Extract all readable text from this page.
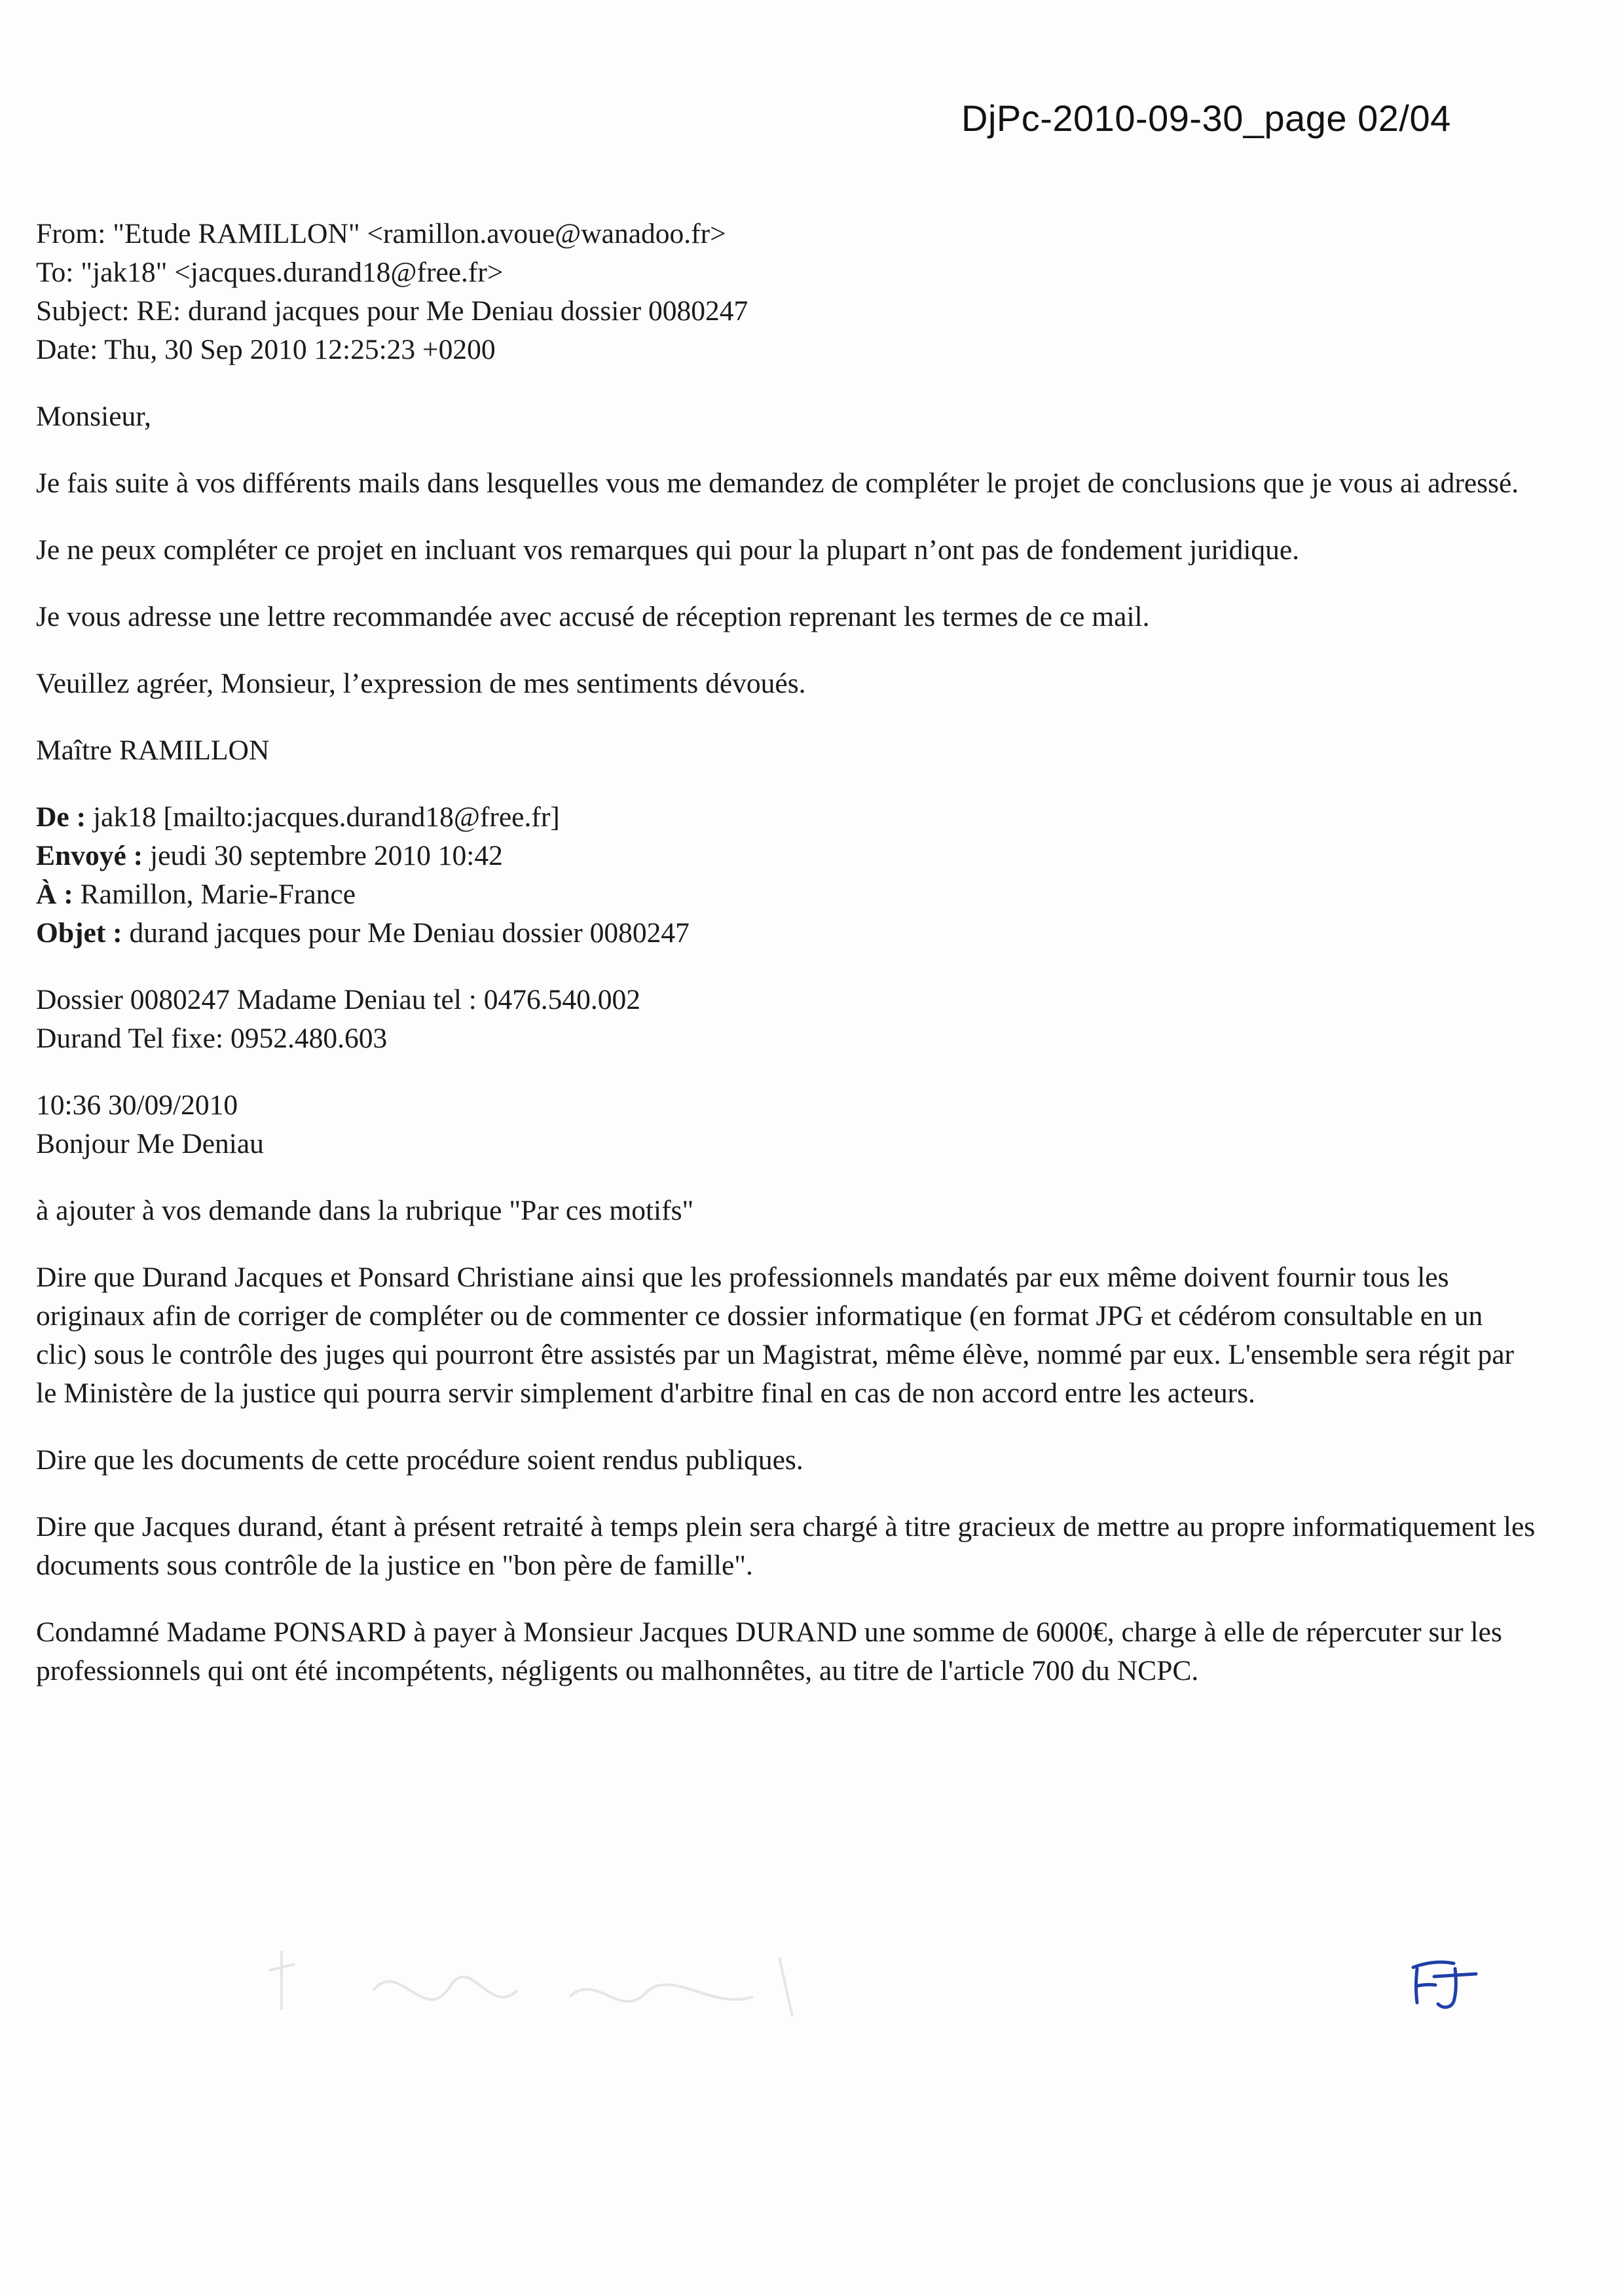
DjPc-2010-09-30_page 02/04
From: "Etude RAMILLON" <ramillon.avoue@wanadoo.fr>
To: "jak18" <jacques.durand18@free.fr>
Subject: RE: durand jacques pour Me Deniau dossier 0080247
Date: Thu, 30 Sep 2010 12:25:23 +0200

Monsieur,

Je fais suite à vos différents mails dans lesquelles vous me demandez de compléter le projet de conclusions que je vous ai adressé.

Je ne peux compléter ce projet en incluant vos remarques qui pour la plupart n’ont pas de fondement juridique.

Je vous adresse une lettre recommandée avec accusé de réception reprenant les termes de ce mail.

Veuillez agréer, Monsieur, l’expression de mes sentiments dévoués.

Maître RAMILLON

De : jak18 [mailto:jacques.durand18@free.fr]
Envoyé : jeudi 30 septembre 2010 10:42
À : Ramillon, Marie-France
Objet : durand jacques pour Me Deniau dossier 0080247
Dossier 0080247 Madame Deniau tel : 0476.540.002
Durand Tel fixe: 0952.480.603
10:36 30/09/2010
Bonjour Me Deniau

à ajouter à vos demande dans la rubrique "Par ces motifs"

Dire que Durand Jacques et Ponsard Christiane ainsi que les professionnels mandatés par eux même doivent fournir tous les originaux afin de corriger de compléter ou de commenter ce dossier informatique (en format JPG et cédérom consultable en un clic) sous le contrôle des juges qui pourront être assistés par un Magistrat, même élève, nommé par eux. L'ensemble sera régit par le Ministère de la justice qui pourra servir simplement d'arbitre final en cas de non accord entre les acteurs.

Dire que les documents de cette procédure soient rendus publiques.

Dire que Jacques durand, étant à présent retraité à temps plein sera chargé à titre gracieux de mettre au propre informatiquement les documents sous contrôle de la justice en "bon père de famille".

Condamné Madame PONSARD à payer à Monsieur Jacques DURAND une somme de 6000€, charge à elle de répercuter sur les professionnels qui ont été incompétents, négligents ou malhonnêtes, au titre de l'article 700 du NCPC.
